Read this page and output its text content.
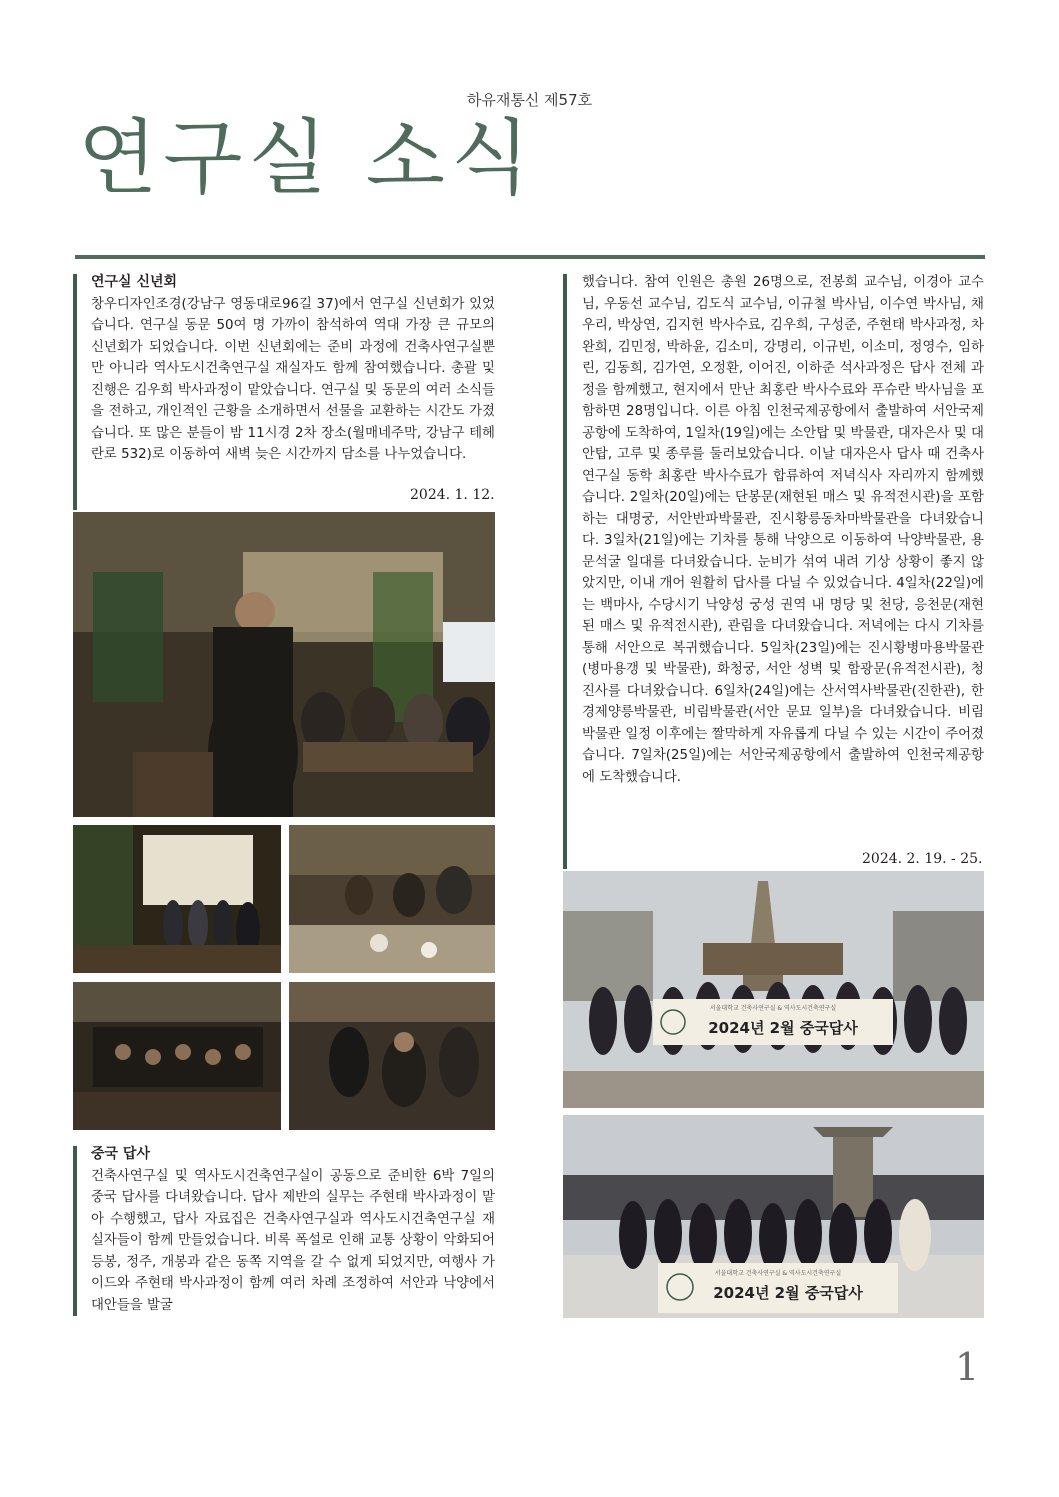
하유재통신 제57호
연구실 소식
연구실 신년회
창우디자인조경(강남구 영동대로96길 37)에서 연구실 신년회가 있었습니다. 연구실 동문 50여 명 가까이 참석하여 역대 가장 큰 규모의 신년회가 되었습니다. 이번 신년회에는 준비 과정에 건축사연구실뿐만 아니라 역사도시건축연구실 재실자도 함께 참여했습니다. 총괄 및 진행은 김우희 박사과정이 맡았습니다. 연구실 및 동문의 여러 소식들을 전하고, 개인적인 근황을 소개하면서 선물을 교환하는 시간도 가졌습니다. 또 많은 분들이 밤 11시경 2차 장소(월매네주막, 강남구 테헤란로 532)로 이동하여 새벽 늦은 시간까지 담소를 나누었습니다.
2024. 1. 12.
중국 답사
건축사연구실 및 역사도시건축연구실이 공동으로 준비한 6박 7일의 중국 답사를 다녀왔습니다. 답사 제반의 실무는 주현태 박사과정이 맡아 수행했고, 답사 자료집은 건축사연구실과 역사도시건축연구실 재실자들이 함께 만들었습니다. 비록 폭설로 인해 교통 상황이 악화되어 등봉, 정주, 개봉과 같은 동쪽 지역을 갈 수 없게 되었지만, 여행사 가이드와 주현태 박사과정이 함께 여러 차례 조정하여 서안과 낙양에서 대안들을 발굴
했습니다. 참여 인원은 총원 26명으로, 전봉희 교수님, 이경아 교수님, 우동선 교수님, 김도식 교수님, 이규철 박사님, 이수연 박사님, 채우리, 박상연, 김지헌 박사수료, 김우희, 구성준, 주현태 박사과정, 차완희, 김민정, 박하윤, 김소미, 강명리, 이규빈, 이소미, 정영수, 임하린, 김동희, 김가연, 오정환, 이어진, 이하준 석사과정은 답사 전체 과정을 함께했고, 현지에서 만난 최홍란 박사수료와 푸슈란 박사님을 포함하면 28명입니다. 이른 아침 인천국제공항에서 출발하여 서안국제공항에 도착하여, 1일차(19일)에는 소안탑 및 박물관, 대자은사 및 대안탑, 고루 및 종루를 둘러보았습니다. 이날 대자은사 답사 때 건축사연구실 동학 최홍란 박사수료가 합류하여 저녁식사 자리까지 함께했습니다. 2일차(20일)에는 단봉문(재현된 매스 및 유적전시관)을 포함하는 대명궁, 서안반파박물관, 진시황릉동차마박물관을 다녀왔습니다. 3일차(21일)에는 기차를 통해 낙양으로 이동하여 낙양박물관, 용문석굴 일대를 다녀왔습니다. 눈비가 섞여 내려 기상 상황이 좋지 않았지만, 이내 개어 원활히 답사를 다닐 수 있었습니다. 4일차(22일)에는 백마사, 수당시기 낙양성 궁성 권역 내 명당 및 천당, 응천문(재현된 매스 및 유적전시관), 관림을 다녀왔습니다. 저녁에는 다시 기차를 통해 서안으로 복귀했습니다. 5일차(23일)에는 진시황병마용박물관(병마용갱 및 박물관), 화청궁, 서안 성벽 및 함광문(유적전시관), 청진사를 다녀왔습니다. 6일차(24일)에는 산서역사박물관(진한관), 한경제양릉박물관, 비림박물관(서안 문묘 일부)을 다녀왔습니다. 비림박물관 일정 이후에는 짤막하게 자유롭게 다닐 수 있는 시간이 주어졌습니다. 7일차(25일)에는 서안국제공항에서 출발하여 인천국제공항에 도착했습니다.
2024. 2. 19. - 25.
서울대학교 건축사연구실 & 역사도시건축연구실
2024년 2월 중국답사
서울대학교 건축사연구실 & 역사도시건축연구실
2024년 2월 중국답사
1
